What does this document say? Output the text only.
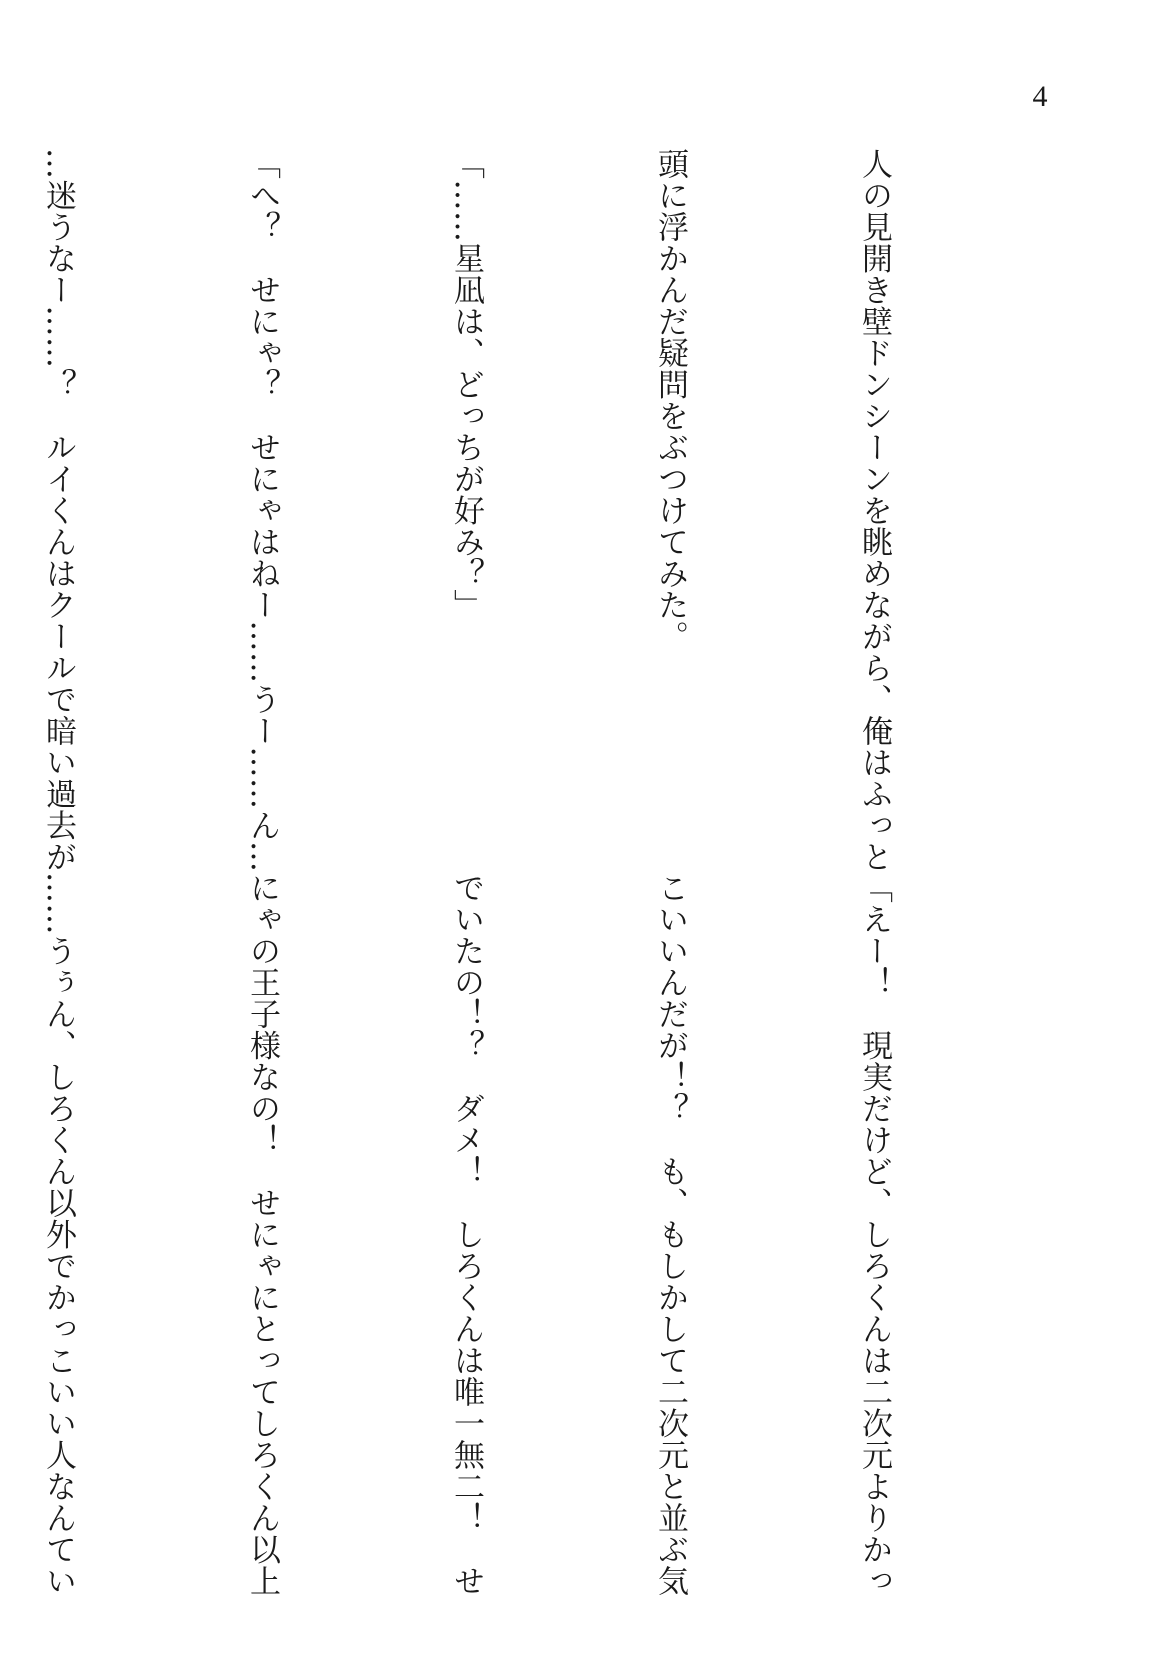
4

人の見開き壁ドンシーンを眺めながら、俺はふっと

頭に浮かんだ疑問をぶつけてみた。

「……星凪は、どっちが好み？」

「へ？　せにゃ？　せにゃはねー……うー……ん…

…迷うなー……？　ルイくんはクールで暗い過去が

「えー！　現実だけど、しろくんは二次元よりかっ

こいいんだが！？　も、もしかして二次元と並ぶ気

でいたの！？　ダメ！　しろくんは唯一無二！　せ

にゃの王子様なの！　せにゃにとってしろくん以上

……うぅん、しろくん以外でかっこいい人なんてい
